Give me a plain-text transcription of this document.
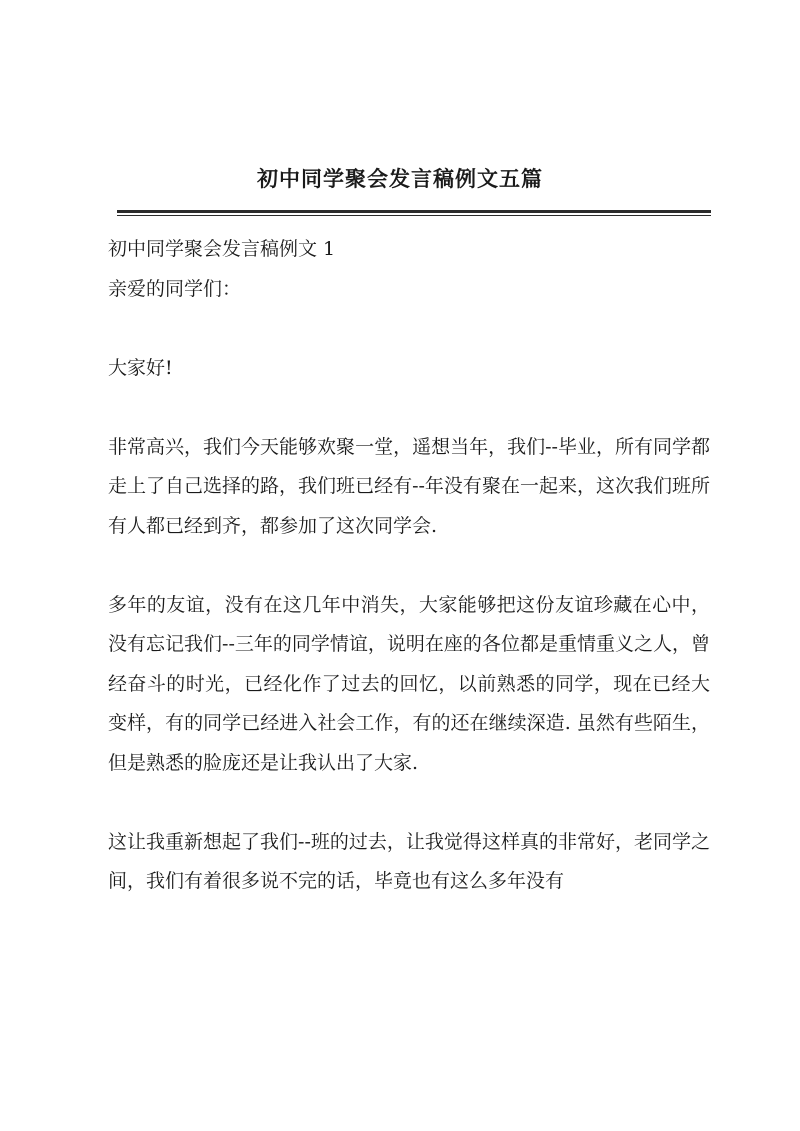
初中同学聚会发言稿例文五篇

初中同学聚会发言稿例文 1

亲爱的同学们：

大家好!

非常高兴，我们今天能够欢聚一堂，遥想当年，我们--毕业，所有同学都走上了自己选择的路，我们班已经有--年没有聚在一起来，这次我们班所有人都已经到齐，都参加了这次同学会.

多年的友谊，没有在这几年中消失，大家能够把这份友谊珍藏在心中，没有忘记我们--三年的同学情谊，说明在座的各位都是重情重义之人，曾经奋斗的时光，已经化作了过去的回忆，以前熟悉的同学，现在已经大变样，有的同学已经进入社会工作，有的还在继续深造. 虽然有些陌生，但是熟悉的脸庞还是让我认出了大家.

这让我重新想起了我们--班的过去，让我觉得这样真的非常好，老同学之间，我们有着很多说不完的话，毕竟也有这么多年没有
